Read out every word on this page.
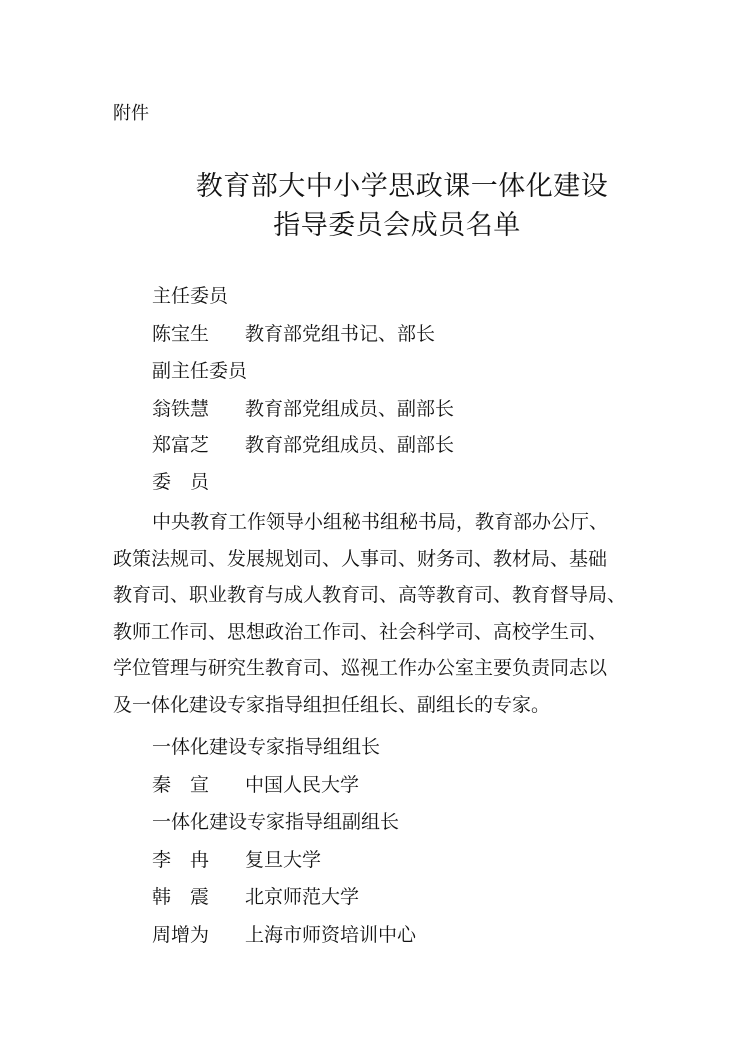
附件
教育部大中小学思政课一体化建设
指导委员会成员名单
主任委员
陈宝生 教育部党组书记、部长
副主任委员
翁铁慧 教育部党组成员、副部长
郑富芝 教育部党组成员、副部长
委　员
中央教育工作领导小组秘书组秘书局，教育部办公厅、
政策法规司、发展规划司、人事司、财务司、教材局、基础
教育司、职业教育与成人教育司、高等教育司、教育督导局、
教师工作司、思想政治工作司、社会科学司、高校学生司、
学位管理与研究生教育司、巡视工作办公室主要负责同志以
及一体化建设专家指导组担任组长、副组长的专家。
一体化建设专家指导组组长
秦　宣 中国人民大学
一体化建设专家指导组副组长
李　冉 复旦大学
韩　震 北京师范大学
周增为 上海市师资培训中心
